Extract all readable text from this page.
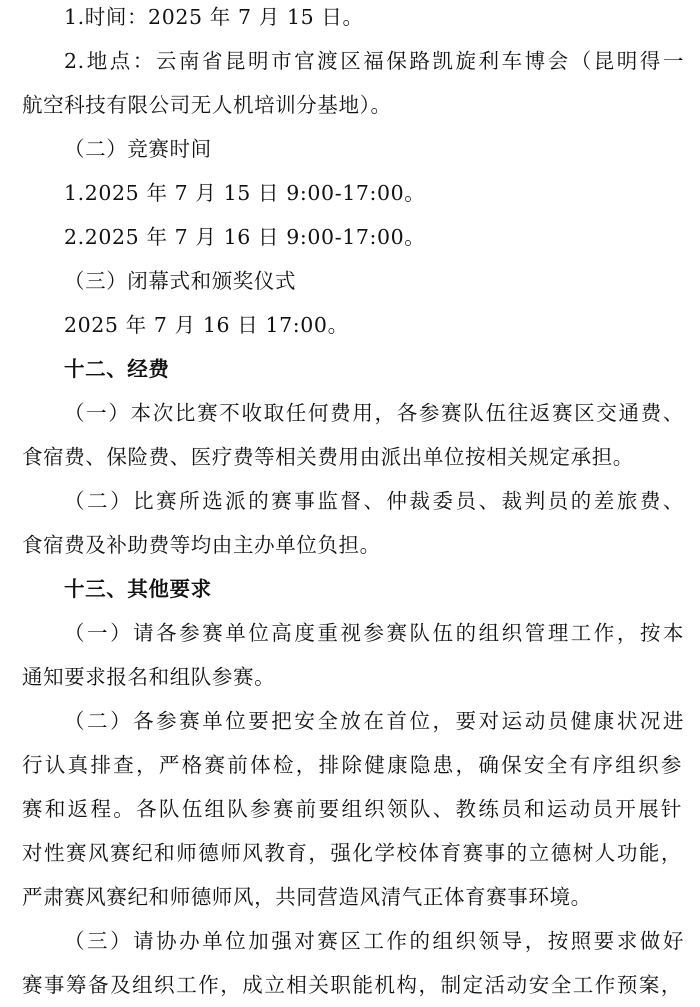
1.时间：2025 年 7 月 15 日。
2.地点：云南省昆明市官渡区福保路凯旋利车博会（昆明得一
航空科技有限公司无人机培训分基地）。
（二）竞赛时间
1.2025 年 7 月 15 日 9:00-17:00。
2.2025 年 7 月 16 日 9:00-17:00。
（三）闭幕式和颁奖仪式
2025 年 7 月 16 日 17:00。
十二、经费
（一）本次比赛不收取任何费用，各参赛队伍往返赛区交通费、
食宿费、保险费、医疗费等相关费用由派出单位按相关规定承担。
（二）比赛所选派的赛事监督、仲裁委员、裁判员的差旅费、
食宿费及补助费等均由主办单位负担。
十三、其他要求
（一）请各参赛单位高度重视参赛队伍的组织管理工作，按本
通知要求报名和组队参赛。
（二）各参赛单位要把安全放在首位，要对运动员健康状况进
行认真排查，严格赛前体检，排除健康隐患，确保安全有序组织参
赛和返程。各队伍组队参赛前要组织领队、教练员和运动员开展针
对性赛风赛纪和师德师风教育，强化学校体育赛事的立德树人功能，
严肃赛风赛纪和师德师风，共同营造风清气正体育赛事环境。
（三）请协办单位加强对赛区工作的组织领导，按照要求做好
赛事筹备及组织工作，成立相关职能机构，制定活动安全工作预案，
